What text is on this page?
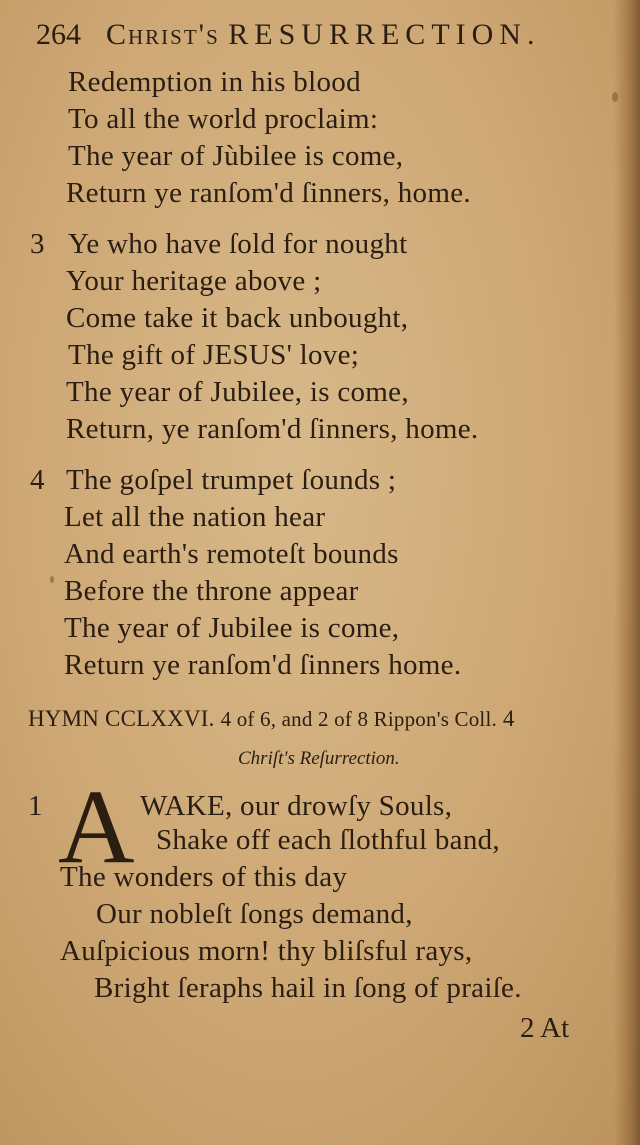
264 Christ's RESURRECTION.
Redemption in his blood
To all the world proclaim:
The year of Jùbilee is come,
Return ye ranſom'd ſinners, home.
3 Ye who have ſold for nought
Your heritage above ;
Come take it back unbought,
The gift of JESUS' love;
The year of Jubilee, is come,
Return, ye ranſom'd ſinners, home.
4 The goſpel trumpet ſounds ;
Let all the nation hear
And earth's remoteſt bounds
Before the throne appear
The year of Jubilee is come,
Return ye ranſom'd ſinners home.
HYMN CCLXXVI. 4 of 6, and 2 of 8 Rippon's Coll. 4
Chriſt's Reſurrection.
1 A WAKE, our drowſy Souls,
Shake off each ſlothful band,
The wonders of this day
Our nobleſt ſongs demand,
Auſpicious morn! thy bliſsful rays,
Bright ſeraphs hail in ſong of praiſe.
2 At
